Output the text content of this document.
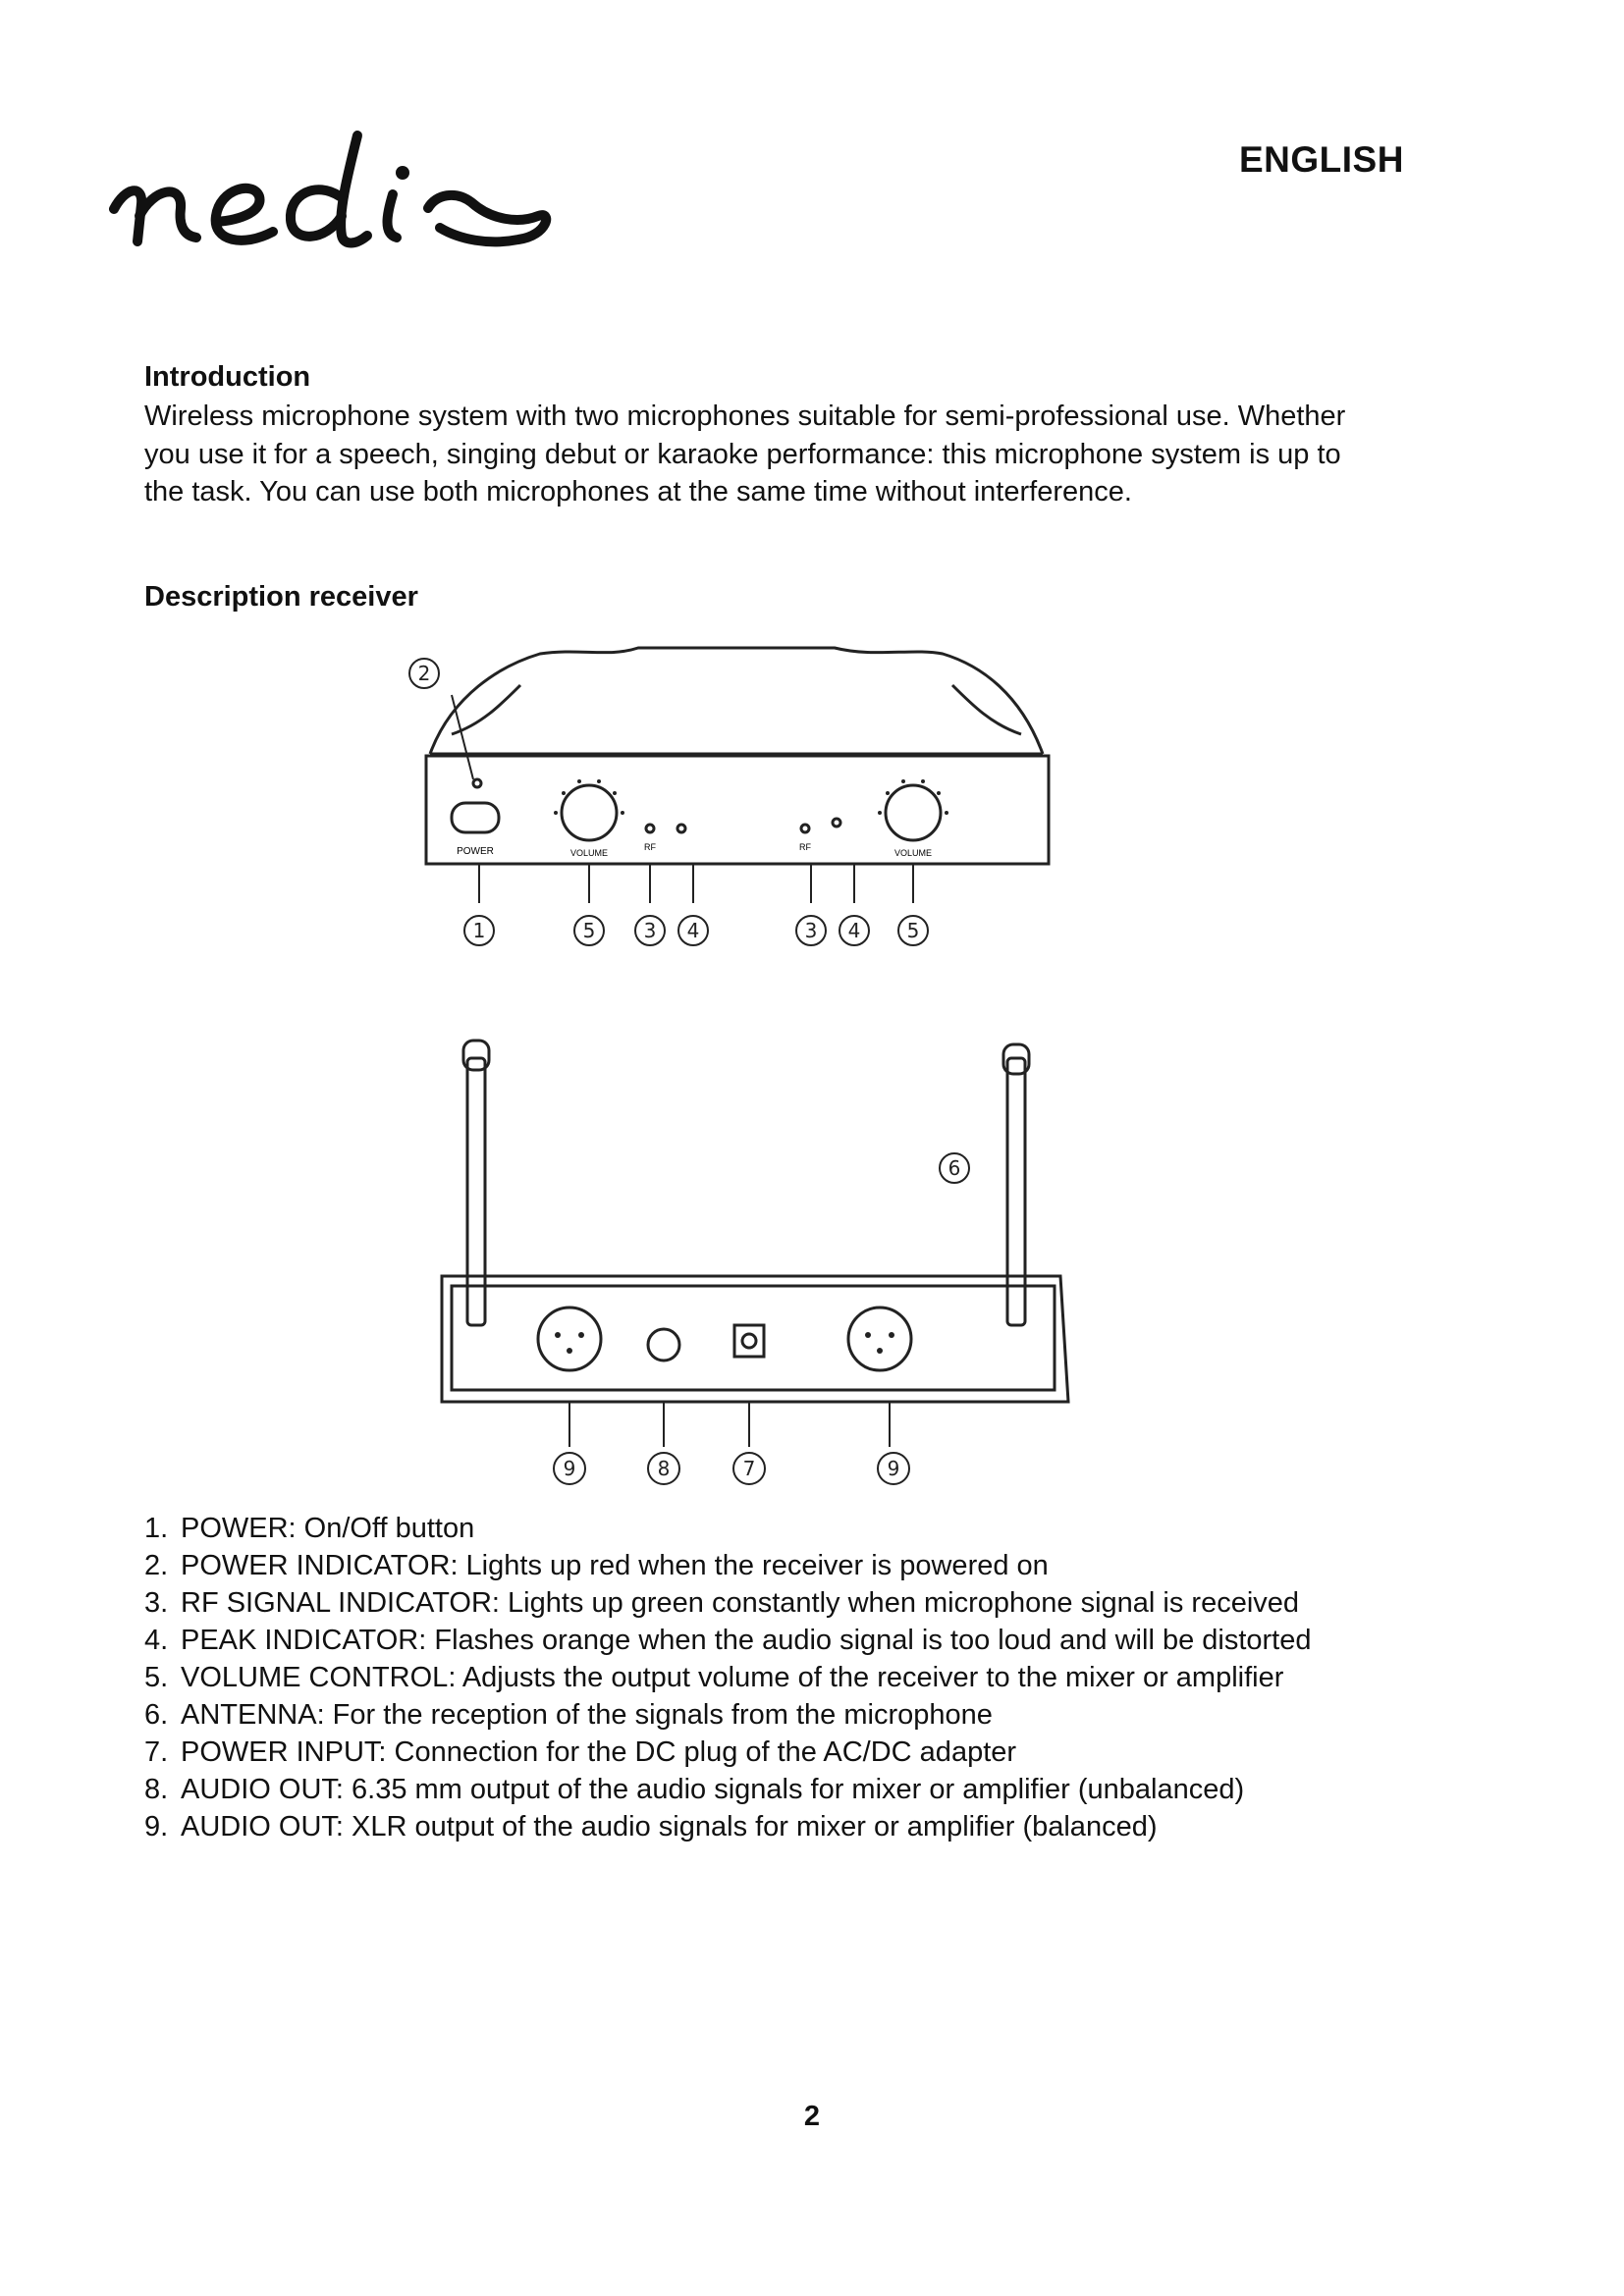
ENGLISH
Introduction

Wireless microphone system with two microphones suitable for semi-professional use. Whether you use it for a speech, singing debut or karaoke performance: this microphone system is up to the task. You can use both microphones at the same time without interference.

Description receiver
POWER	VOLUME
RF	RF
VOLUME
2
1	5 3 4	3 4 5
6
9	8	7	9
1. POWER: On/Off button
2. POWER INDICATOR: Lights up red when the receiver is powered on
3. RF SIGNAL INDICATOR: Lights up green constantly when microphone signal is received
4. PEAK INDICATOR: Flashes orange when the audio signal is too loud and will be distorted
5. VOLUME CONTROL: Adjusts the output volume of the receiver to the mixer or amplifier
6. ANTENNA: For the reception of the signals from the microphone
7. POWER INPUT: Connection for the DC plug of the AC/DC adapter
8. AUDIO OUT: 6.35 mm output of the audio signals for mixer or amplifier (unbalanced)
9. AUDIO OUT: XLR output of the audio signals for mixer or amplifier (balanced)
2
